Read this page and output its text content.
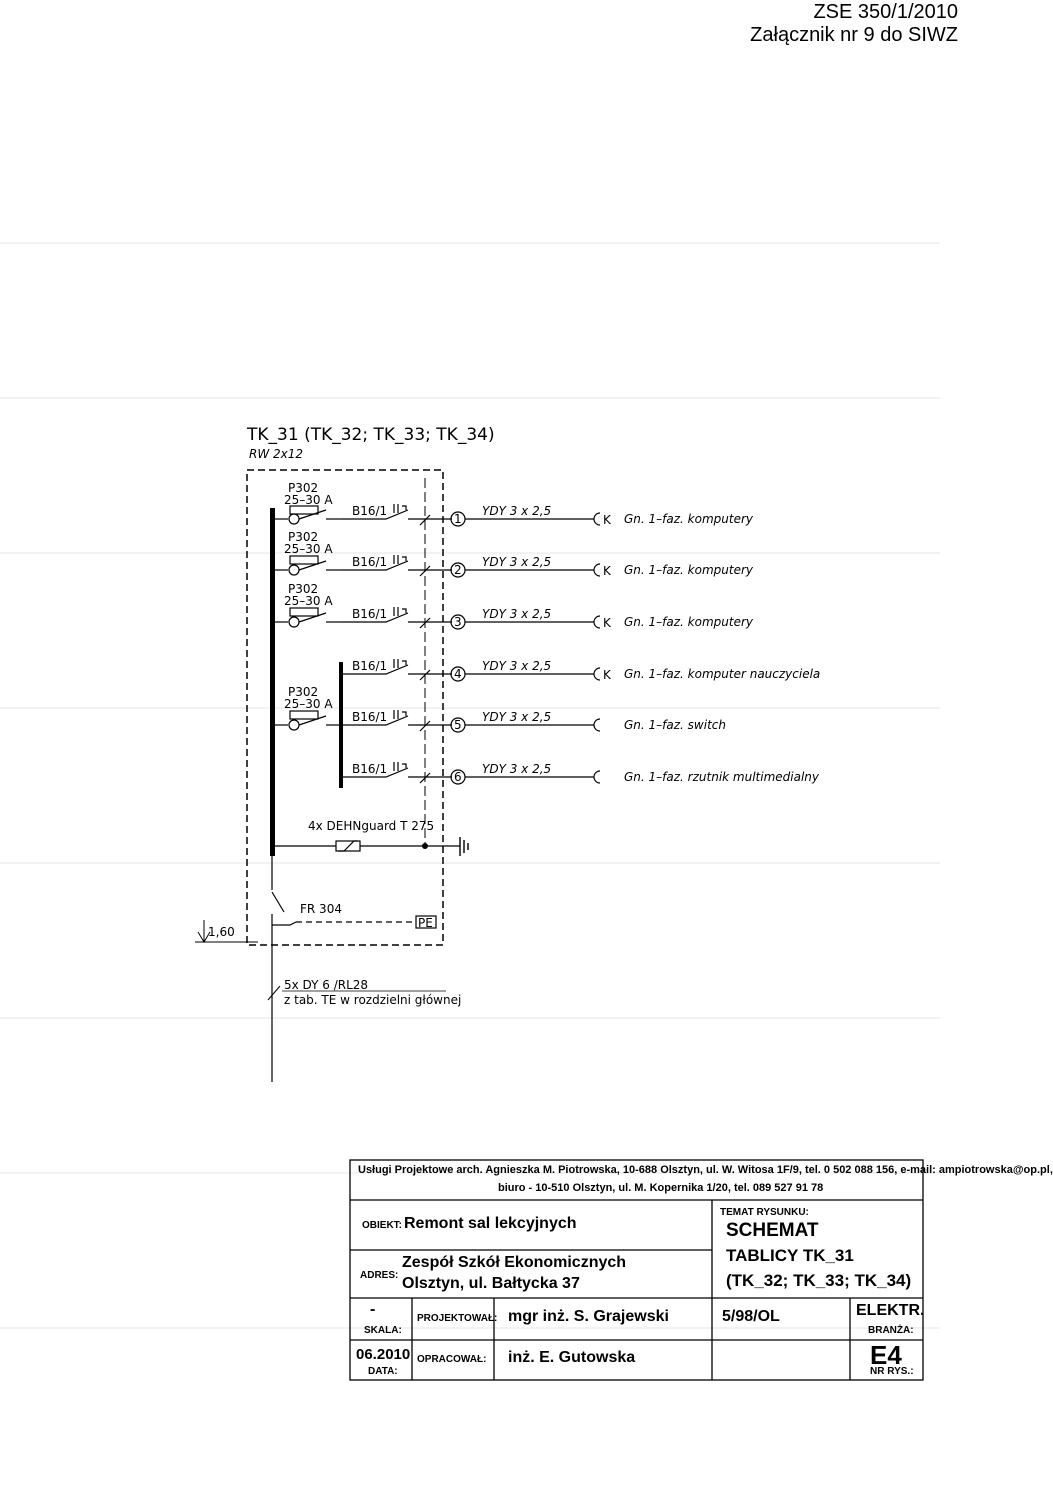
ZSE 350/1/2010
Załącznik nr 9 do SIWZ
TK_31 (TK_32; TK_33; TK_34)
RW 2x12
P302
25–30 A
P302
25–30 A
P302
25–30 A
P302
25–30 A
B16/1
1
YDY 3 x 2,5
K Gn. 1–faz. komputery
B16/1
2
YDY 3 x 2,5
K Gn. 1–faz. komputery
B16/1
3
YDY 3 x 2,5
K Gn. 1–faz. komputery
B16/1
4
YDY 3 x 2,5
K Gn. 1–faz. komputer nauczyciela
B16/1
5
YDY 3 x 2,5
Gn. 1–faz. switch
B16/1
6
YDY 3 x 2,5
Gn. 1–faz. rzutnik multimedialny
4x DEHNguard T 275
FR 304
PE
1,60
5x DY 6 /RL28
z tab. TE w rozdzielni głównej
Usługi Projektowe arch. Agnieszka M. Piotrowska, 10-688 Olsztyn, ul. W. Witosa 1F/9, tel. 0 502 088 156, e-mail: ampiotrowska@op.pl,
biuro - 10-510 Olsztyn, ul. M. Kopernika 1/20, tel. 089 527 91 78
OBIEKT: Remont sal lekcyjnych
ADRES:
Zespół Szkół Ekonomicznych
Olsztyn, ul. Bałtycka 37
TEMAT RYSUNKU:
SCHEMAT
TABLICY TK_31
(TK_32; TK_33; TK_34)
-
SKALA:
PROJEKTOWAŁ: mgr inż. S. Grajewski	5/98/OL	ELEKTR.
BRANŻA:
06.2010
DATA:
OPRACOWAŁ: inż. E. Gutowska	E4
NR RYS.:
